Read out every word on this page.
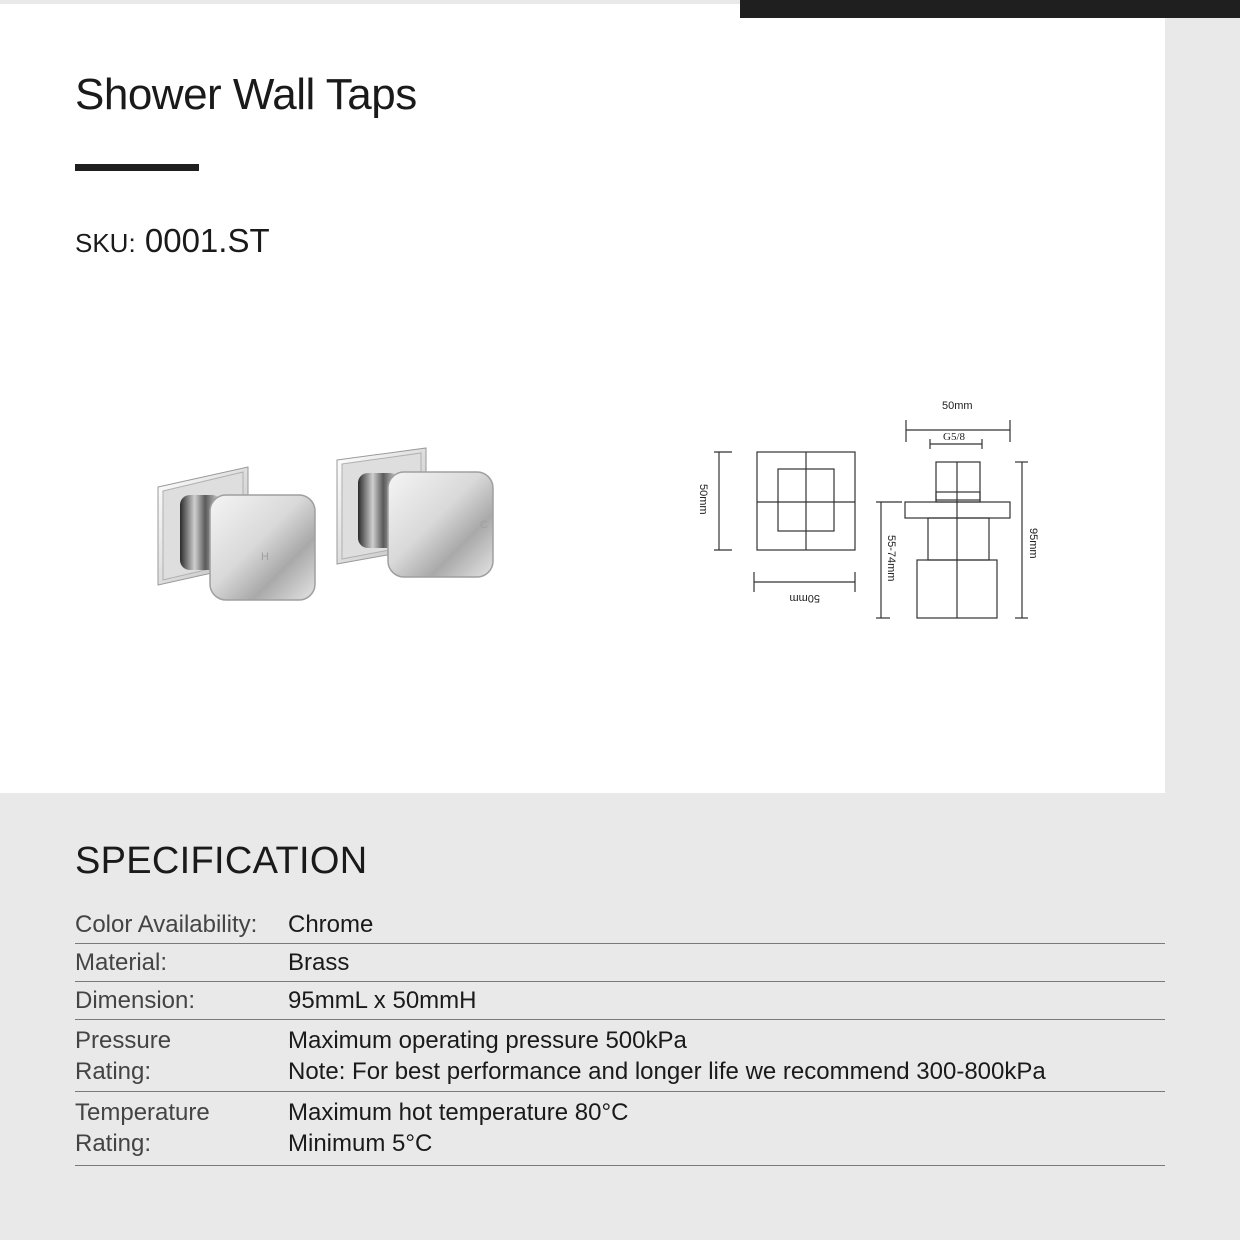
Shower Wall Taps
SKU: 0001.ST
H
C
50mm
G5/8
50mm
50mm
55-74mm	95mm
SPECIFICATION
Color Availability:	Chrome
Material:	Brass
Dimension:	95mmL x 50mmH

Pressure
Rating:	Maximum operating pressure 500kPa
Note: For best performance and longer life we recommend 300-800kPa

Temperature
Rating:	Maximum hot temperature 80°C
Minimum 5°C
